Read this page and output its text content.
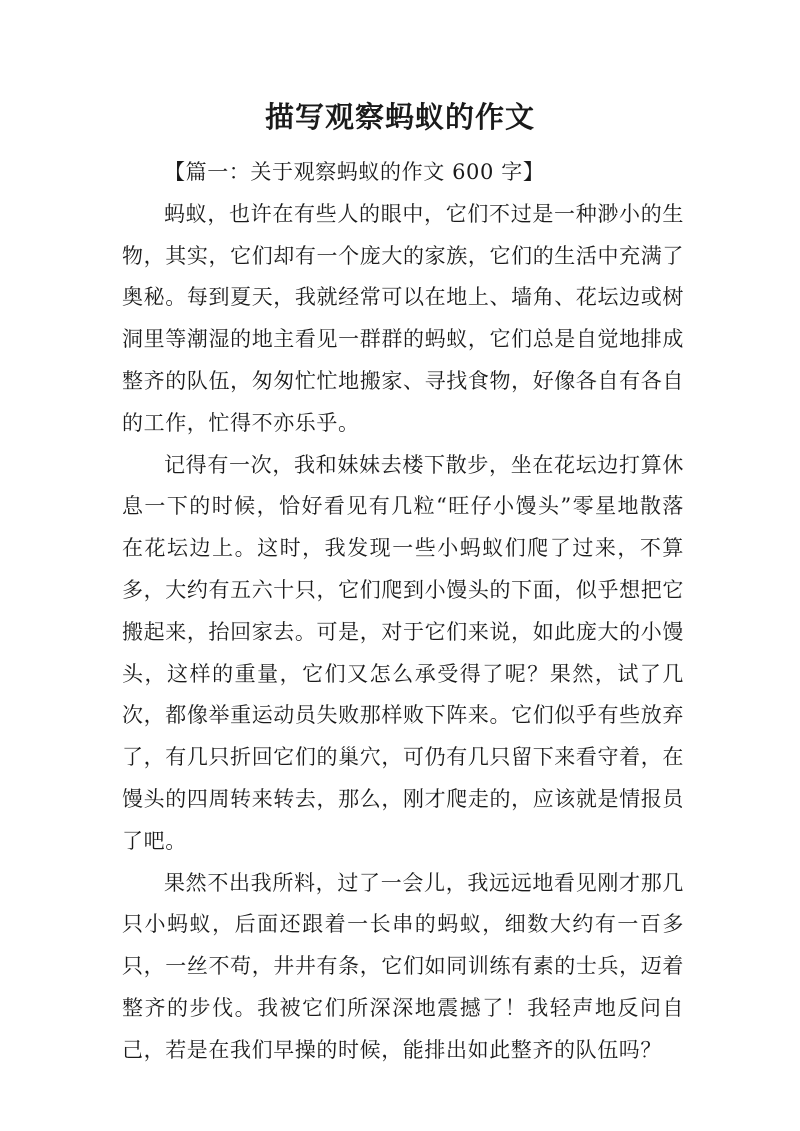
描写观察蚂蚁的作文

【篇一：关于观察蚂蚁的作文 600 字】

蚂蚁，也许在有些人的眼中，它们不过是一种渺小的生物，其实，它们却有一个庞大的家族，它们的生活中充满了奥秘。每到夏天，我就经常可以在地上、墙角、花坛边或树洞里等潮湿的地主看见一群群的蚂蚁，它们总是自觉地排成整齐的队伍，匆匆忙忙地搬家、寻找食物，好像各自有各自的工作，忙得不亦乐乎。

记得有一次，我和妹妹去楼下散步，坐在花坛边打算休息一下的时候，恰好看见有几粒“旺仔小馒头”零星地散落在花坛边上。这时，我发现一些小蚂蚁们爬了过来，不算多，大约有五六十只，它们爬到小馒头的下面，似乎想把它搬起来，抬回家去。可是，对于它们来说，如此庞大的小馒头，这样的重量，它们又怎么承受得了呢？果然，试了几次，都像举重运动员失败那样败下阵来。它们似乎有些放弃了，有几只折回它们的巢穴，可仍有几只留下来看守着，在馒头的四周转来转去，那么，刚才爬走的，应该就是情报员了吧。

果然不出我所料，过了一会儿，我远远地看见刚才那几只小蚂蚁，后面还跟着一长串的蚂蚁，细数大约有一百多只，一丝不苟，井井有条，它们如同训练有素的士兵，迈着整齐的步伐。我被它们所深深地震撼了！我轻声地反问自己，若是在我们早操的时候，能排出如此整齐的队伍吗？
